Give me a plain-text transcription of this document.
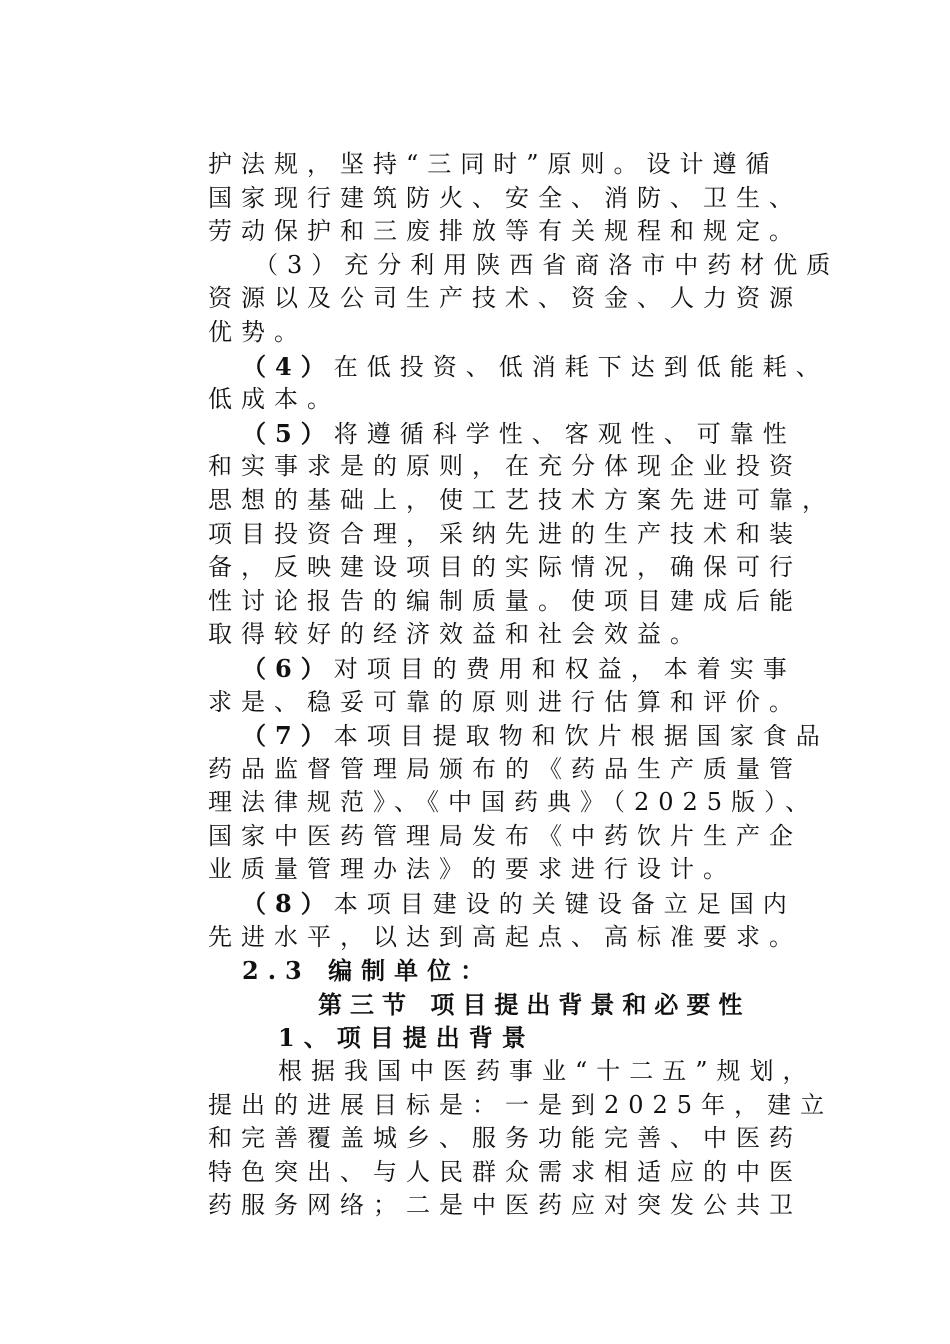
护法规，坚持“三同时”原则。设计遵循
国家现行建筑防火、安全、消防、卫生、
劳动保护和三废排放等有关规程和规定。
（3）充分利用陕西省商洛市中药材优质
资源以及公司生产技术、资金、人力资源
优势。
（4）在低投资、低消耗下达到低能耗、
低成本。
（5）将遵循科学性、客观性、可靠性
和实事求是的原则，在充分体现企业投资
思想的基础上，使工艺技术方案先进可靠，
项目投资合理，采纳先进的生产技术和装
备，反映建设项目的实际情况，确保可行
性讨论报告的编制质量。使项目建成后能
取得较好的经济效益和社会效益。
（6）对项目的费用和权益，本着实事
求是、稳妥可靠的原则进行估算和评价。
（7）本项目提取物和饮片根据国家食品
药品监督管理局颁布的《药品生产质量管
理法律规范》、《中国药典》（2025版）、
国家中医药管理局发布《中药饮片生产企
业质量管理办法》的要求进行设计。
（8）本项目建设的关键设备立足国内
先进水平，以达到高起点、高标准要求。
2.3 编制单位：
第三节 项目提出背景和必要性
1、项目提出背景
根据我国中医药事业“十二五”规划，
提出的进展目标是：一是到2025年，建立
和完善覆盖城乡、服务功能完善、中医药
特色突出、与人民群众需求相适应的中医
药服务网络；二是中医药应对突发公共卫
